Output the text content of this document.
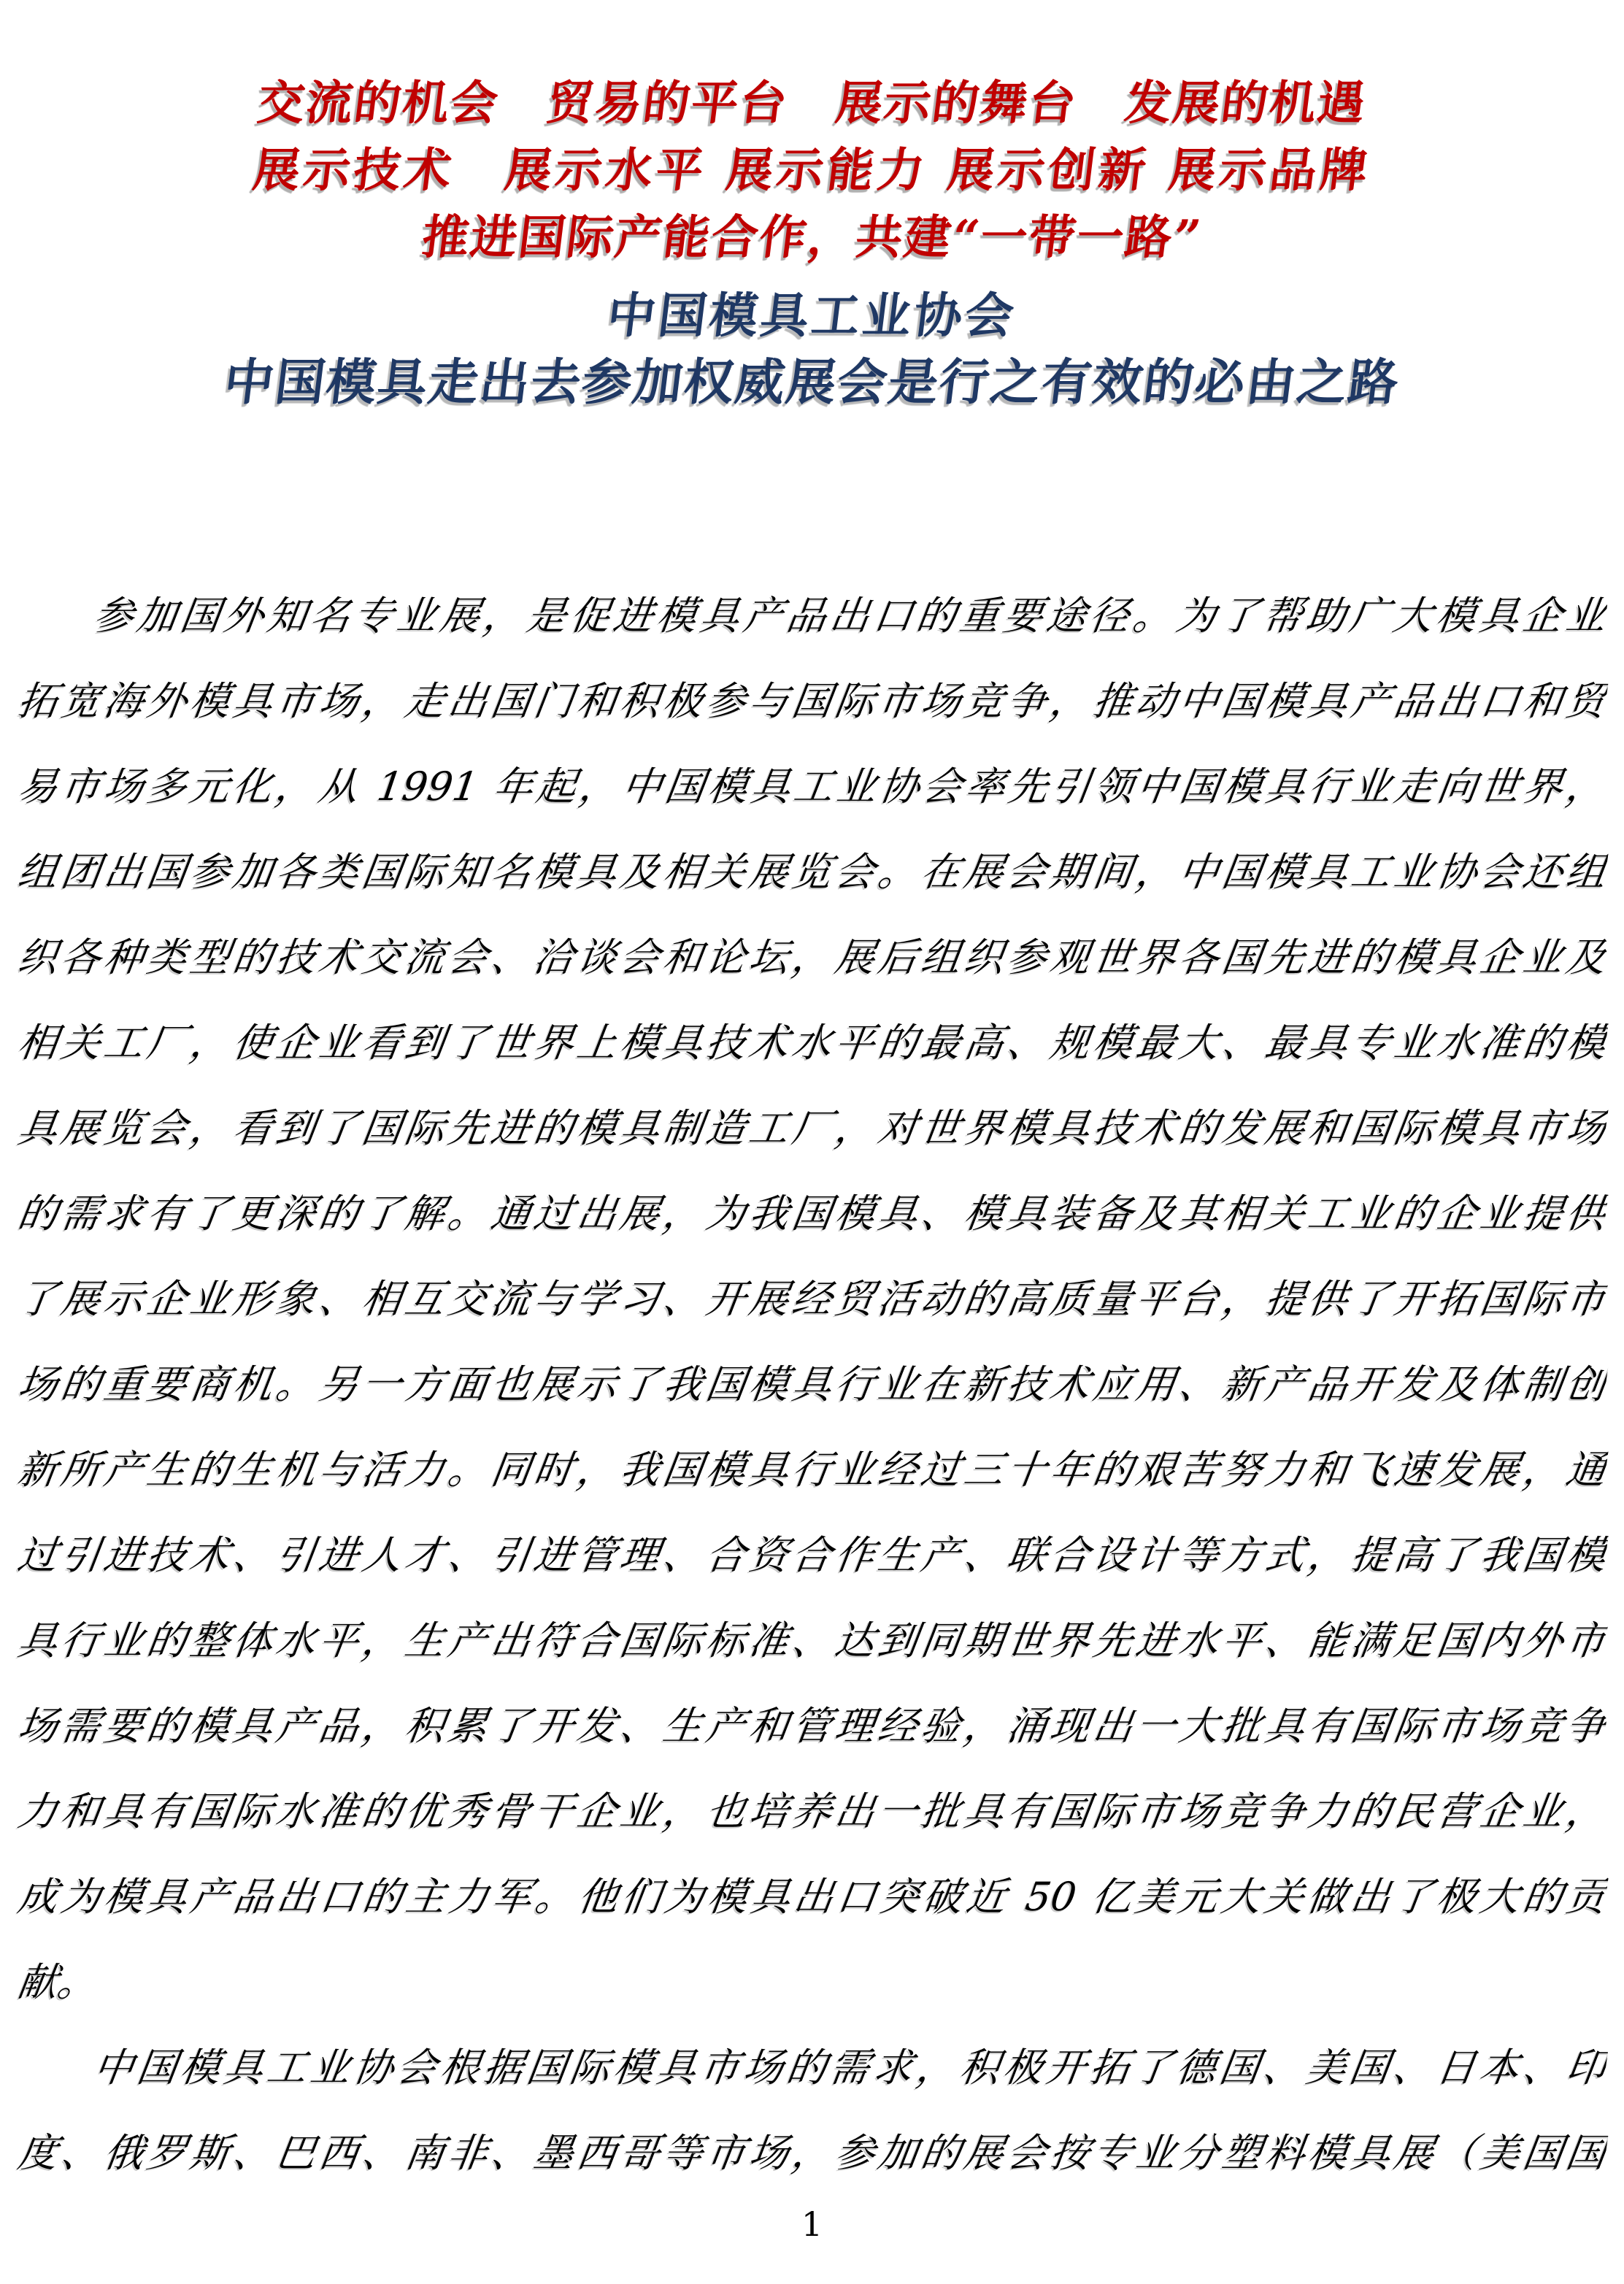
交流的机会　贸易的平台　展示的舞台　发展的机遇
展示技术　展示水平 展示能力 展示创新 展示品牌
推进国际产能合作，共建“一带一路”
中国模具工业协会
中国模具走出去参加权威展会是行之有效的必由之路
参加国外知名专业展，是促进模具产品出口的重要途径。为了帮助广大模具企业
拓宽海外模具市场，走出国门和积极参与国际市场竞争，推动中国模具产品出口和贸
易市场多元化，从 1991 年起，中国模具工业协会率先引领中国模具行业走向世界，
组团出国参加各类国际知名模具及相关展览会。在展会期间，中国模具工业协会还组
织各种类型的技术交流会、洽谈会和论坛，展后组织参观世界各国先进的模具企业及
相关工厂，使企业看到了世界上模具技术水平的最高、规模最大、最具专业水准的模
具展览会，看到了国际先进的模具制造工厂，对世界模具技术的发展和国际模具市场
的需求有了更深的了解。通过出展，为我国模具、模具装备及其相关工业的企业提供
了展示企业形象、相互交流与学习、开展经贸活动的高质量平台，提供了开拓国际市
场的重要商机。另一方面也展示了我国模具行业在新技术应用、新产品开发及体制创
新所产生的生机与活力。同时，我国模具行业经过三十年的艰苦努力和飞速发展，通
过引进技术、引进人才、引进管理、合资合作生产、联合设计等方式，提高了我国模
具行业的整体水平，生产出符合国际标准、达到同期世界先进水平、能满足国内外市
场需要的模具产品，积累了开发、生产和管理经验，涌现出一大批具有国际市场竞争
力和具有国际水准的优秀骨干企业，也培养出一批具有国际市场竞争力的民营企业，
成为模具产品出口的主力军。他们为模具出口突破近 50 亿美元大关做出了极大的贡
献。
中国模具工业协会根据国际模具市场的需求，积极开拓了德国、美国、日本、印
度、俄罗斯、巴西、南非、墨西哥等市场，参加的展会按专业分塑料模具展（美国国
1
